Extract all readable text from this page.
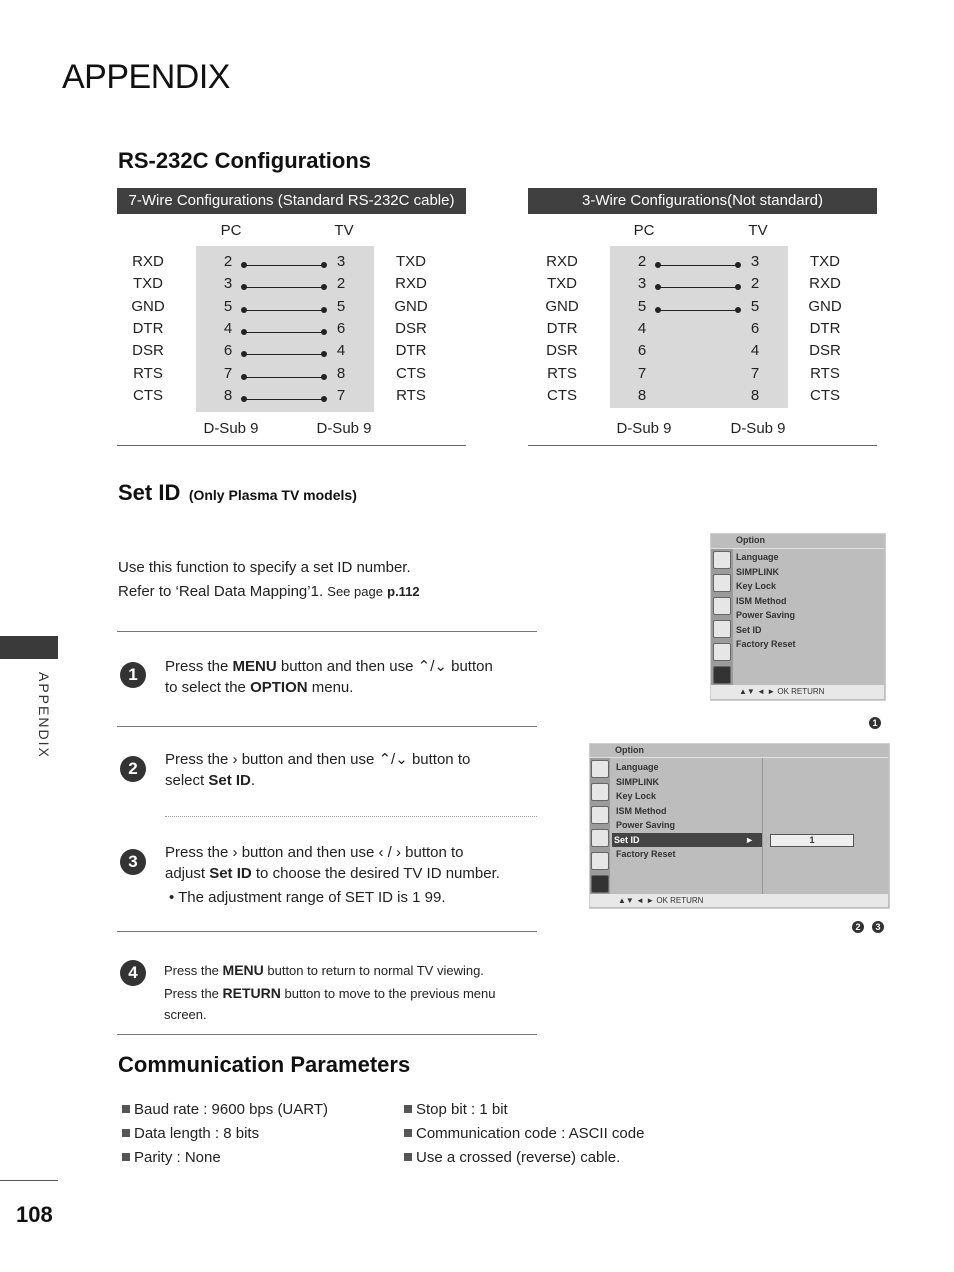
APPENDIX
APPENDIX
108
RS-232C Configurations
7-Wire Configurations (Standard RS-232C cable)
PC	TV
D-Sub 9	D-Sub 9
RXD	2	3	TXD
TXD	3	2	RXD
GND	5	5	GND
DTR	4	6	DSR
DSR	6	4	DTR
RTS	7	8	CTS
CTS	8	7	RTS
3-Wire Configurations(Not standard)
PC	TV
D-Sub 9	D-Sub 9
RXD	2	3	TXD
TXD	3	2	RXD
GND	5	5	GND
DTR	4	6	DTR
DSR	6	4	DSR
RTS	7	7	RTS
CTS	8	8	CTS
Set ID (Only Plasma TV models)
Use this function to specify a set ID number.
Refer to ‘Real Data Mapping’1. See page p.112
1	Press the MENU button and then use ⌃/⌄ button
to select the OPTION menu.
2	Press the › button and then use ⌃/⌄ button to
select Set ID.
3	Press the › button and then use ‹ / › button to
adjust Set ID to choose the desired TV ID number.
• The adjustment range of SET ID is 1 99.
4	Press the MENU button to return to normal TV viewing.
Press the RETURN button to move to the previous menu
screen.
Option
Language
SIMPLINK
Key Lock
ISM Method
Power Saving
Set ID
Factory Reset
▲▼ ◄ ► OK RETURN
1
Option
Language
SIMPLINK
Key Lock
ISM Method
Power Saving
Set ID	►
Factory Reset
1
▲▼ ◄ ► OK RETURN
2	3
Communication Parameters
Baud rate : 9600 bps (UART)
Data length : 8 bits
Parity : None
Stop bit : 1 bit
Communication code : ASCII code
Use a crossed (reverse) cable.
